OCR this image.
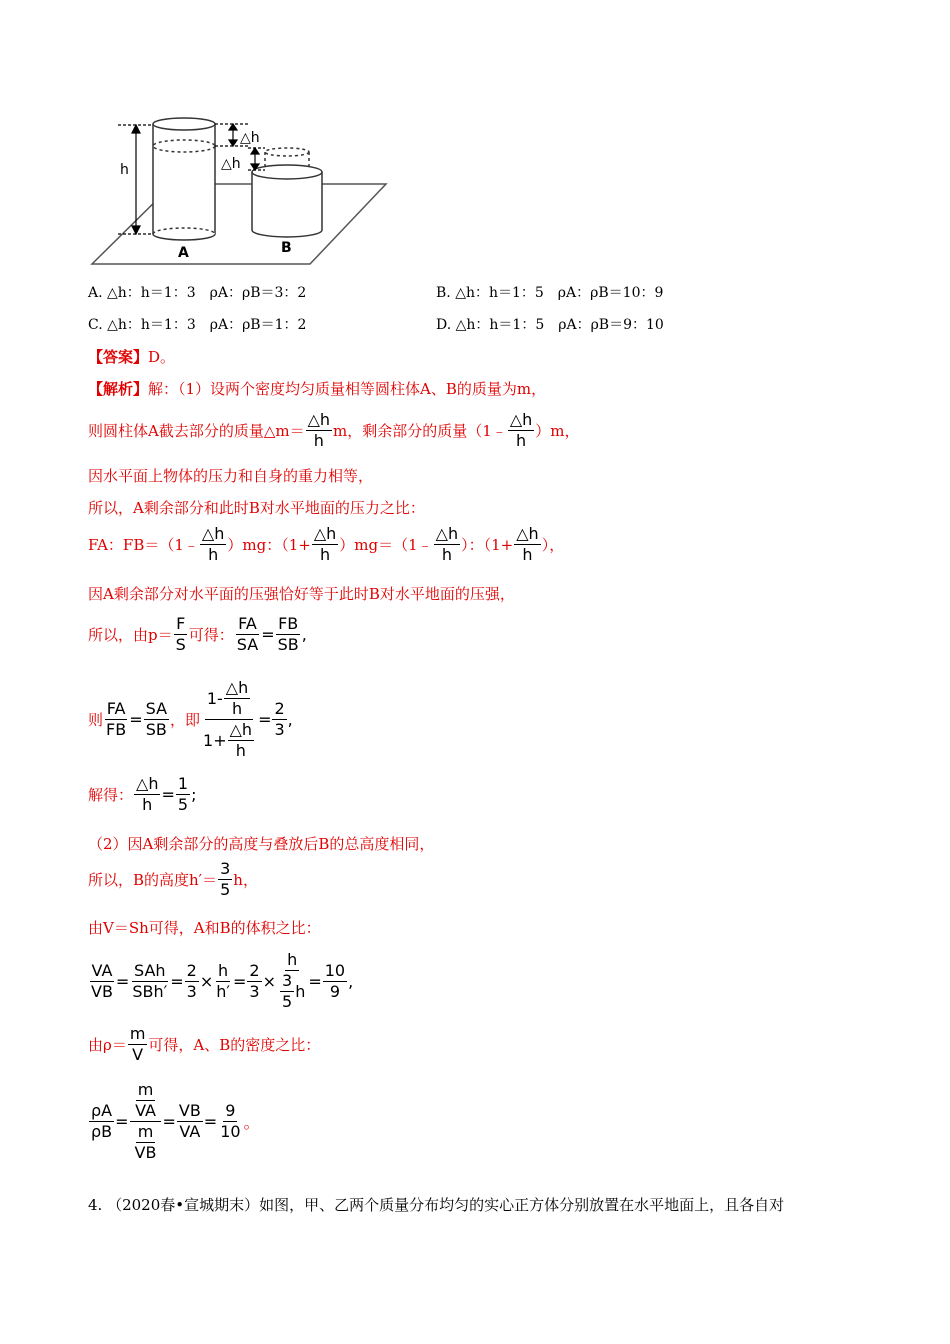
h
△h
△h
A	B
A. △h：h＝1：3　ρA：ρB＝3：2	B. △h：h＝1：5　ρA：ρB＝10：9
C. △h：h＝1：3　ρA：ρB＝1：2	D. △h：h＝1：5　ρA：ρB＝9：10
【答案】D。
【解析】解：（1）设两个密度均匀质量相等圆柱体A、B的质量为m，
则圆柱体A截去部分的质量△m＝ $\frac{\triangle h}{h}$ m，剩余部分的质量（1﹣ $\frac{\triangle h}{h} )m$，
因水平面上物体的压力和自身的重力相等，
所以，A剩余部分和此时B对水平地面的压力之比：
FA：FB＝（1﹣ $\frac{\triangle h}{h} )mg$：（$1+ \frac{\triangle h}{h}$ ）mg＝（1﹣ $\frac{\triangle h}{h}$ ）：（$1+ \frac{\triangle h}{h}$ ），
因A剩余部分对水平面的压强恰好等于此时B对水平地面的压强，
所以，由$p= \frac{F}{S}$ 可得： $\frac{FA}{SA} = \frac{FB}{SB}$ ,
则 $\frac{FA}{FB} = \frac{SA}{SB}$ ，即 $\frac{1- \frac{\triangle h}{h}}{1+ \frac{\triangle h}{h}} = \frac{2}{3}$ ,
解得： $\frac{\triangle h}{h} = \frac{1}{5}$ ;
（2）因A剩余部分的高度与叠放后B的总高度相同，
所以，B的高度$h'= \frac{3}{5}$ h，
由V＝Sh可得，A和B的体积之比：
$\frac{VA}{VB} = \frac{\text{SAh}}{\text{SBh′}} = \frac{2}{3} \times \frac{h}{h'} = \frac{2}{3} \times \frac{h}{\frac{3}{5} h} = \frac{10}{9}$ ,
由$\rho= \frac{m}{V}$ 可得，A、B的密度之比：
$\frac{\rho A}{\rho B} = \frac{\frac{m}{VA}}{\frac{m}{VB}} = \frac{VB}{VA} = \frac{9}{10}$ 。
4. （2020春•宣城期末）如图，甲、乙两个质量分布均匀的实心正方体分别放置在水平地面上，且各自对
